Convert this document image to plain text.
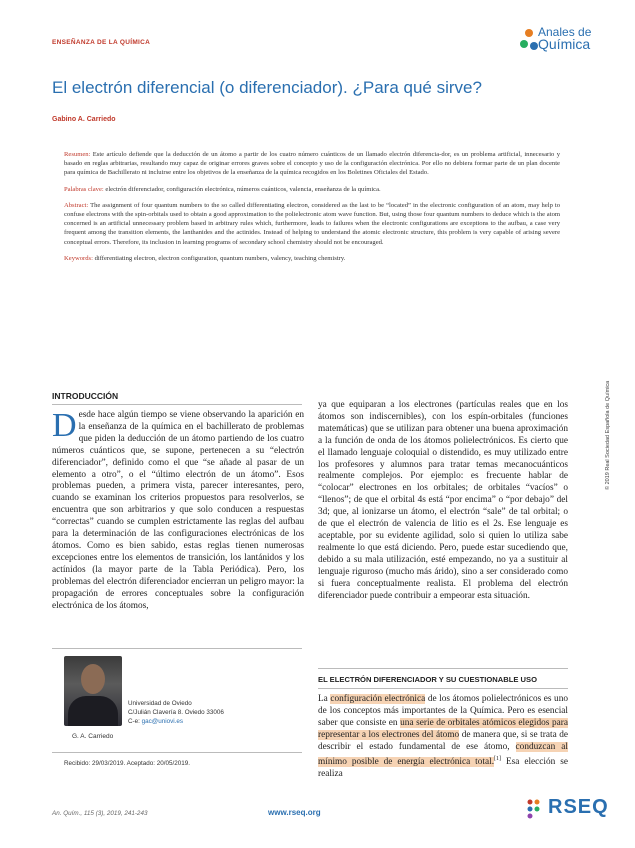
ENSEÑANZA DE LA QUÍMICA
Anales de
Química
El electrón diferencial (o diferenciador). ¿Para qué sirve?
Gabino A. Carriedo

Resumen: Este artículo defiende que la deducción de un átomo a partir de los cuatro número cuánticos de un llamado electrón diferencia-dor, es un problema artificial, innecesario y basado en reglas arbitrarias, resultando muy capaz de originar errores graves sobre el concepto y uso de la configuración electrónica. Por ello no debiera formar parte de un plan docente para química de Bachillerato ni incluirse entre los objetivos de la enseñanza de la química recogidos en los Boletines Oficiales del Estado.

Palabras clave: electrón diferenciador, configuración electrónica, números cuánticos, valencia, enseñanza de la química.

Abstract: The assignment of four quantum numbers to the so called differentiating electron, considered as the last to be “located” in the electronic configuration of an atom, may help to confuse electrons with the spin-orbitals used to obtain a good approximation to the polielectronic atom wave function. But, using those four quantum numbers to deduce which is the atom concerned is an artificial unnecessary problem based in arbitrary rules which, furthermore, leads to failures when the electronic configurations are exceptions to the aufbau, a case very frequent among the transition elements, the lanthanides and the actinides. Instead of helping to understand the atomic electronic structure, this problem is very capable of arising severe conceptual errors. Therefore, its inclusion in learning programs of secondary school chemistry should not be encouraged.

Keywords: differentiating electron, electron configuration, quantum numbers, valency, teaching chemistry.

© 2019 Real Sociedad Española de Química
INTRODUCCIÓN

Desde hace algún tiempo se viene observando la aparición en la enseñanza de la química en el bachillerato de problemas que piden la deducción de un átomo partiendo de los cuatro números cuánticos que, se supone, pertenecen a su “electrón diferenciador”, definido como el que “se añade al pasar de un elemento a otro”, o el “último electrón de un átomo”. Esos problemas pueden, a primera vista, parecer interesantes, pero, cuando se examinan los criterios propuestos para resolverlos, se encuentra que son arbitrarios y que solo conducen a respuestas “correctas” cuando se cumplen estrictamente las reglas del aufbau para la determinación de las configuraciones electrónicas de los átomos. Como es bien sabido, estas reglas tienen numerosas excepciones entre los elementos de transición, los lantánidos y los actínidos (la mayor parte de la Tabla Periódica). Pero, los problemas del electrón diferenciador encierran un peligro mayor: la propagación de errores conceptuales sobre la configuración electrónica de los átomos,

ya que equiparan a los electrones (partículas reales que en los átomos son indiscernibles), con los espín-orbitales (funciones matemáticas) que se utilizan para obtener una buena aproximación a la función de onda de los átomos polielectrónicos. Es cierto que el llamado lenguaje coloquial o distendido, es muy utilizado entre los profesores y alumnos para tratar temas mecanocuánticos realmente complejos. Por ejemplo: es frecuente hablar de “colocar” electrones en los orbitales; de orbitales “vacíos” o “llenos”; de que el orbital 4s está “por encima” o “por debajo” del 3d; que, al ionizarse un átomo, el electrón “sale” de tal orbital; o de que el electrón de valencia de litio es el 2s. Ese lenguaje es aceptable, por su evidente agilidad, solo si quien lo utiliza sabe realmente lo que está diciendo. Pero, puede estar sucediendo que, debido a su mala utilización, esté empezando, no ya a sustituir al lenguaje riguroso (mucho más árido), sino a ser considerado como si fuera conceptualmente realista. El problema del electrón diferenciador puede contribuir a empeorar esta situación.

EL ELECTRÓN DIFERENCIADOR Y SU CUESTIONABLE USO

La configuración electrónica de los átomos polielectrónicos es uno de los conceptos más importantes de la Química. Pero es esencial saber que consiste en una serie de orbitales atómicos elegidos para representar a los electrones del átomo de manera que, si se trata de describir el estado fundamental de ese átomo, conduzcan al mínimo posible de energía electrónica total.[1] Esa elección se realiza

Universidad de Oviedo
C/Julián Clavería 8. Oviedo 33006
C-e: gac@uniovi.es
G. A. Carriedo
Recibido: 29/03/2019. Aceptado: 20/05/2019.
An. Quím., 115 (3), 2019, 241-243	www.rseq.org	RSEQ
